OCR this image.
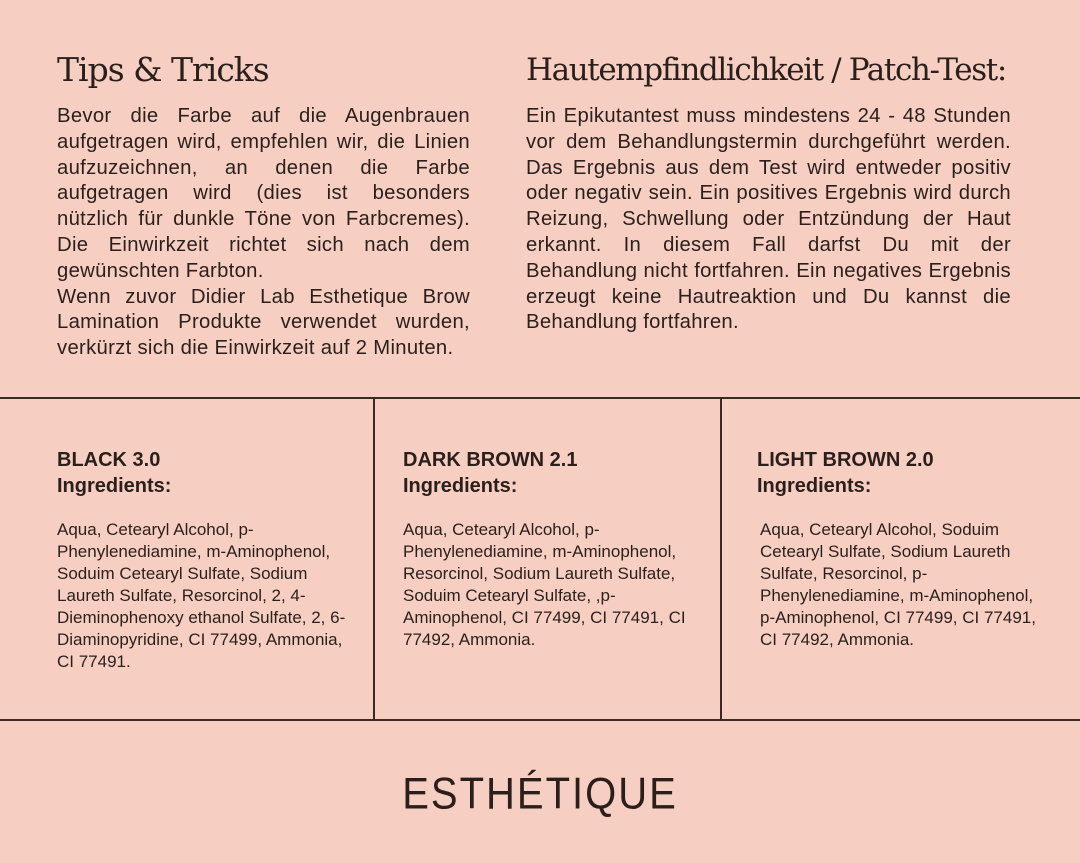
Tips & Tricks

Bevor die Farbe auf die Augenbrauen aufgetragen wird, empfehlen wir, die Linien aufzuzeichnen, an denen die Farbe aufgetragen wird (dies ist besonders nützlich für dunkle Töne von Farbcremes). Die Einwirkzeit richtet sich nach dem gewünschten Farbton.

Wenn zuvor Didier Lab Esthetique Brow Lamination Produkte verwendet wurden, verkürzt sich die Einwirkzeit auf 2 Minuten.

Hautempfindlichkeit / Patch-Test:

Ein Epikutantest muss mindestens 24 - 48 Stunden vor dem Behandlungstermin durchgeführt werden. Das Ergebnis aus dem Test wird entweder positiv oder negativ sein. Ein positives Ergebnis wird durch Reizung, Schwellung oder Entzündung der Haut erkannt. In diesem Fall darfst Du mit der Behandlung nicht fortfahren. Ein negatives Ergebnis erzeugt keine Hautreaktion und Du kannst die Behandlung fortfahren.

BLACK 3.0

Ingredients:

Aqua, Cetearyl Alcohol, p-Phenylenediamine, m-Aminophenol, Soduim Cetearyl Sulfate, Sodium Laureth Sulfate, Resorcinol, 2, 4-Dieminophenoxy ethanol Sulfate, 2, 6-Diaminopyridine, CI 77499, Ammonia, CI 77491.

DARK BROWN 2.1

Ingredients:

Aqua, Cetearyl Alcohol, p-Phenylenediamine, m-Aminophenol, Resorcinol, Sodium Laureth Sulfate, Soduim Cetearyl Sulfate, ,p-Aminophenol, CI 77499, CI 77491, CI 77492, Ammonia.

LIGHT BROWN 2.0

Ingredients:

Aqua, Cetearyl Alcohol, Soduim Cetearyl Sulfate, Sodium Laureth Sulfate, Resorcinol, p-Phenylenediamine, m-Aminophenol, p-Aminophenol, CI 77499, CI 77491, CI 77492, Ammonia.

ESTHÉTIQUE
